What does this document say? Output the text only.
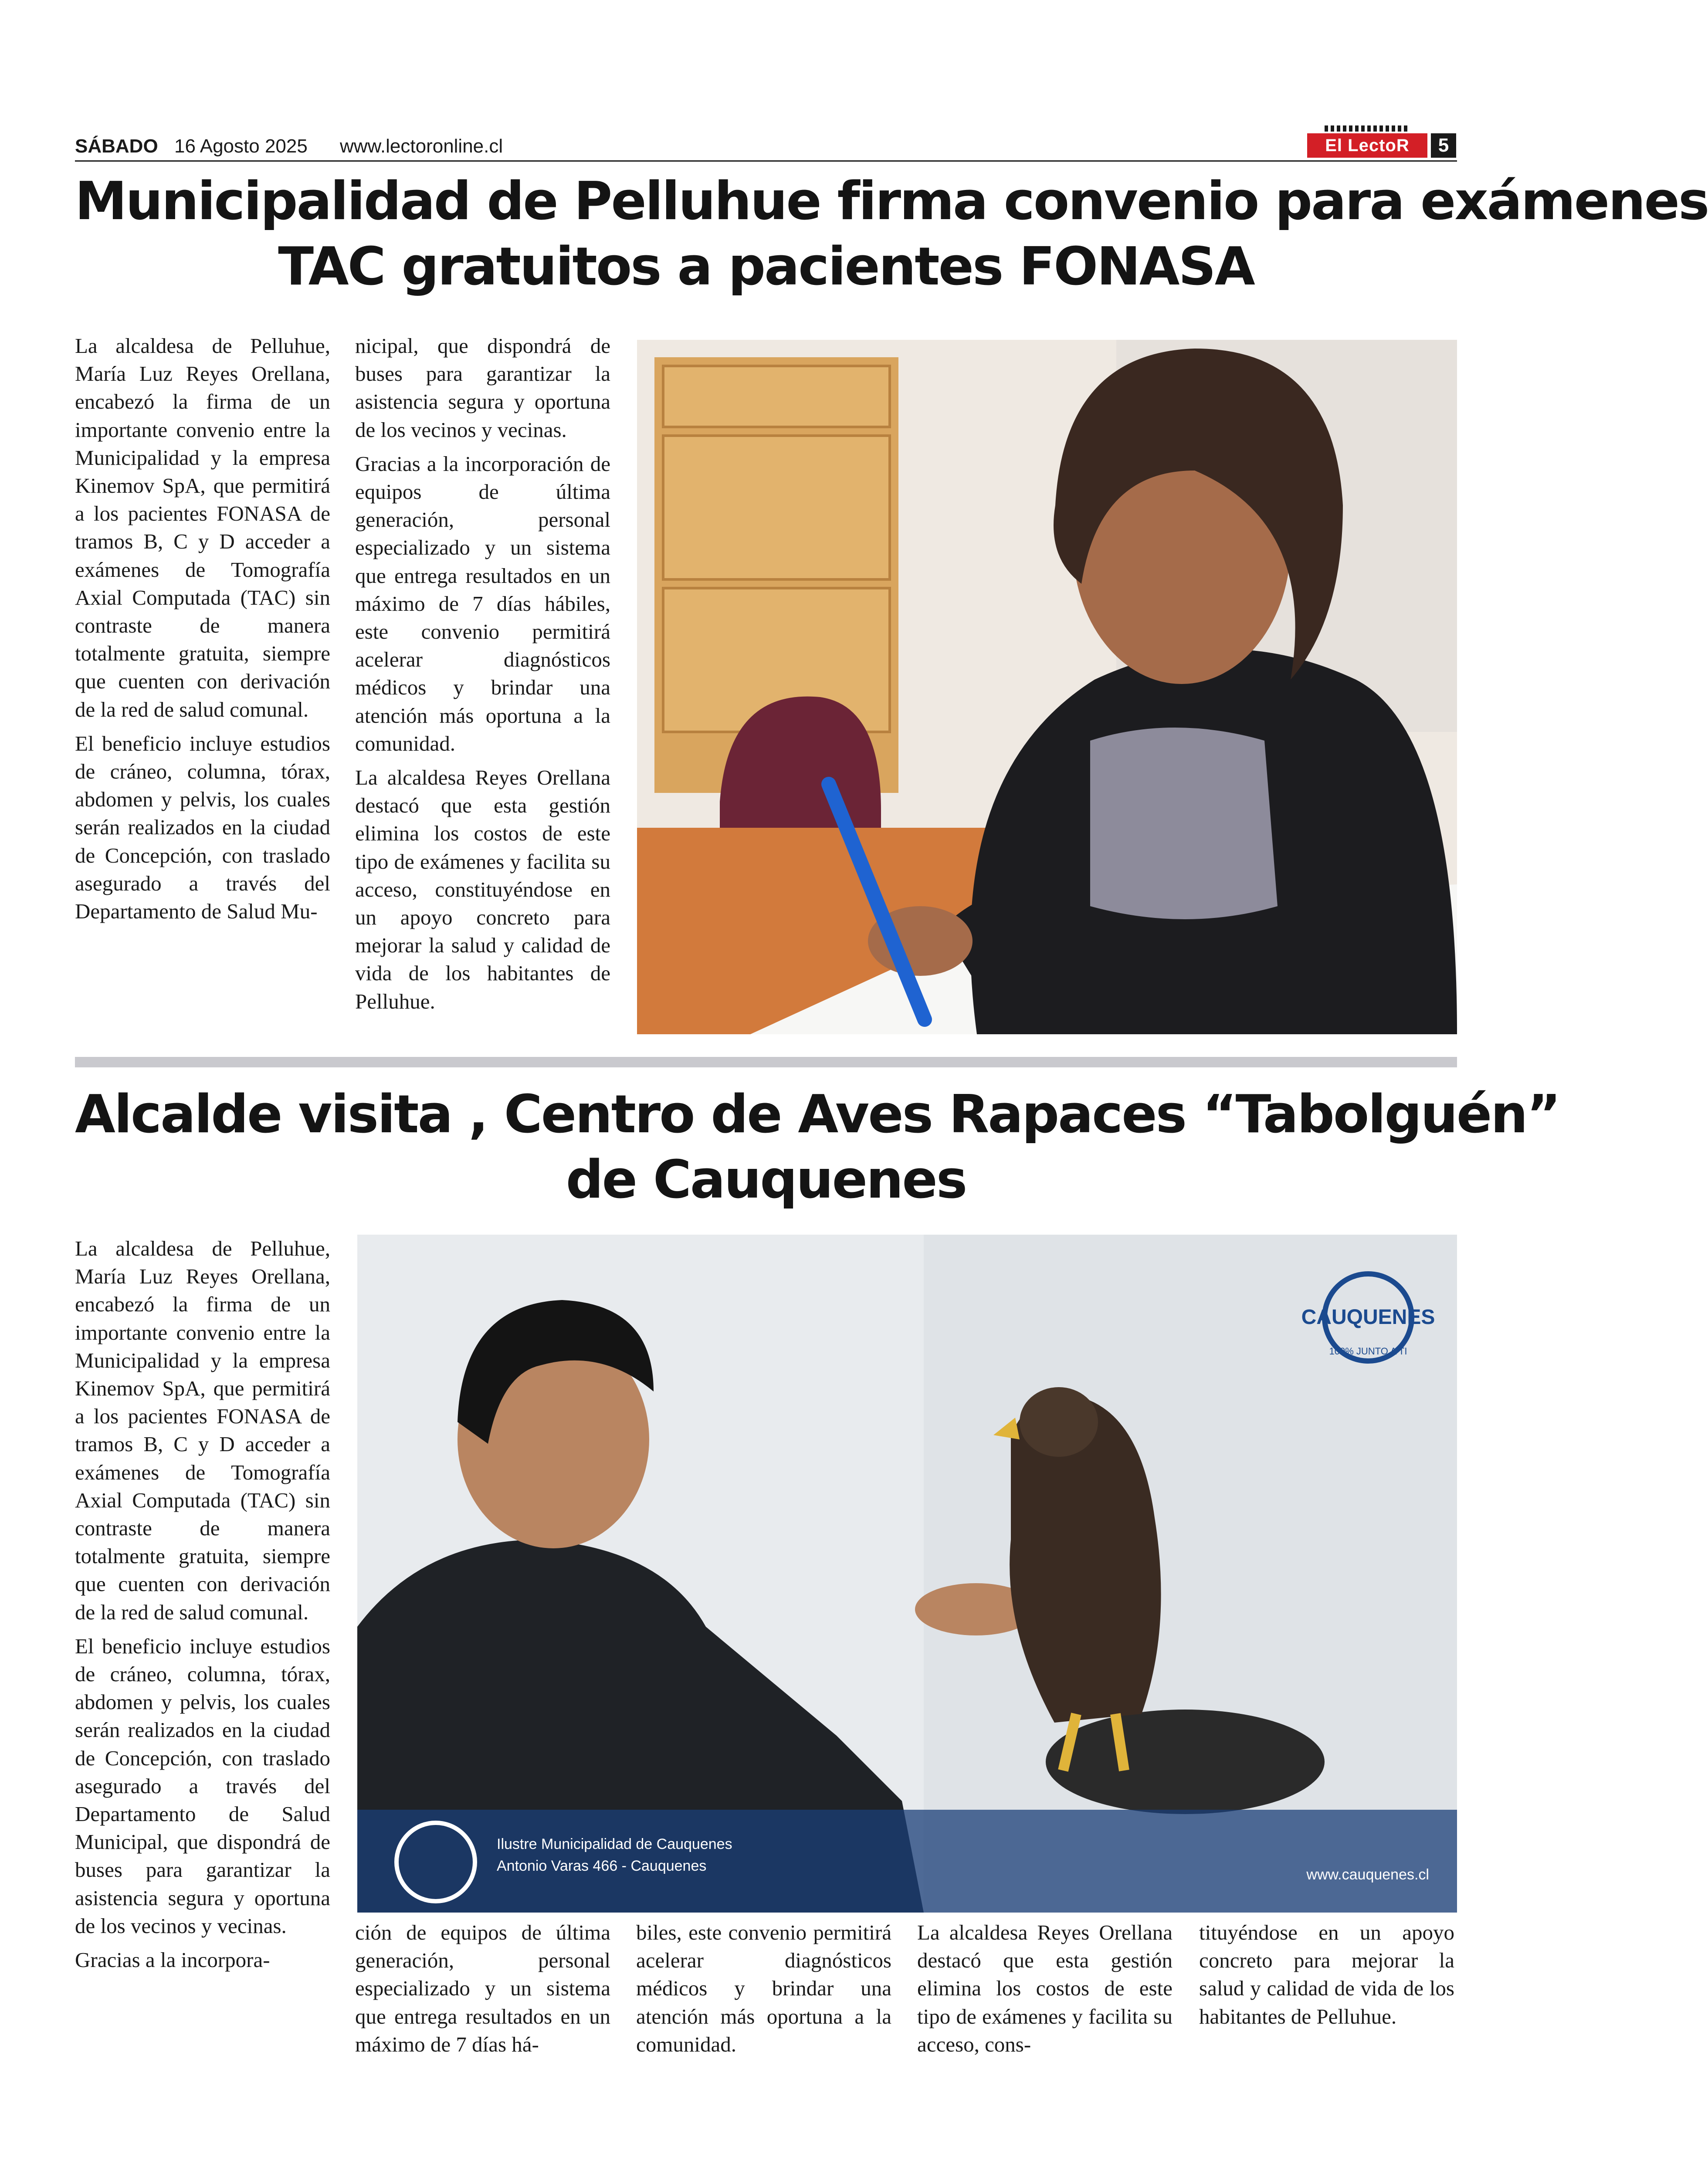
SÁBADO 16 Agosto 2025 www.lectoronline.cl	El LectoR	5
Municipalidad de Pelluhue firma convenio para exámenes
TAC gratuitos a pacientes FONASA

La alcaldesa de Pelluhue, María Luz Reyes Orellana, encabezó la firma de un importante convenio entre la Municipalidad y la empresa Kinemov SpA, que permitirá a los pacientes FONASA de tramos B, C y D acceder a exámenes de Tomografía Axial Computada (TAC) sin contraste de manera totalmente gratuita, siempre que cuenten con derivación de la red de salud comunal.

El beneficio incluye estudios de cráneo, columna, tórax, abdomen y pelvis, los cuales serán realizados en la ciudad de Concepción, con traslado asegurado a través del Departamento de Salud Mu-

nicipal, que dispondrá de buses para garantizar la asistencia segura y oportuna de los vecinos y vecinas.

Gracias a la incorporación de equipos de última generación, personal especializado y un sistema que entrega resultados en un máximo de 7 días hábiles, este convenio permitirá acelerar diagnósticos médicos y brindar una atención más oportuna a la comunidad.

La alcaldesa Reyes Orellana destacó que esta gestión elimina los costos de este tipo de exámenes y facilita su acceso, constituyéndose en un apoyo concreto para mejorar la salud y calidad de vida de los habitantes de Pelluhue.

Alcalde visita , Centro de Aves Rapaces “Tabolguén”
de Cauquenes

La alcaldesa de Pelluhue, María Luz Reyes Orellana, encabezó la firma de un importante convenio entre la Municipalidad y la empresa Kinemov SpA, que permitirá a los pacientes FONASA de tramos B, C y D acceder a exámenes de Tomografía Axial Computada (TAC) sin contraste de manera totalmente gratuita, siempre que cuenten con derivación de la red de salud comunal.

El beneficio incluye estudios de cráneo, columna, tórax, abdomen y pelvis, los cuales serán realizados en la ciudad de Concepción, con traslado asegurado a través del Departamento de Salud Municipal, que dispondrá de buses para garantizar la asistencia segura y oportuna de los vecinos y vecinas.

Gracias a la incorpora-

Ilustre Municipalidad de Cauquenes
Antonio Varas 466 - Cauquenes
www.cauquenes.cl
CAUQUENES
100% JUNTO A TI

ción de equipos de última generación, personal especializado y un sistema que entrega resultados en un máximo de 7 días há-

biles, este convenio permitirá acelerar diagnósticos médicos y brindar una atención más oportuna a la comunidad.

La alcaldesa Reyes Orellana destacó que esta gestión elimina los costos de este tipo de exámenes y facilita su acceso, cons-

tituyéndose en un apoyo concreto para mejorar la salud y calidad de vida de los habitantes de Pelluhue.
